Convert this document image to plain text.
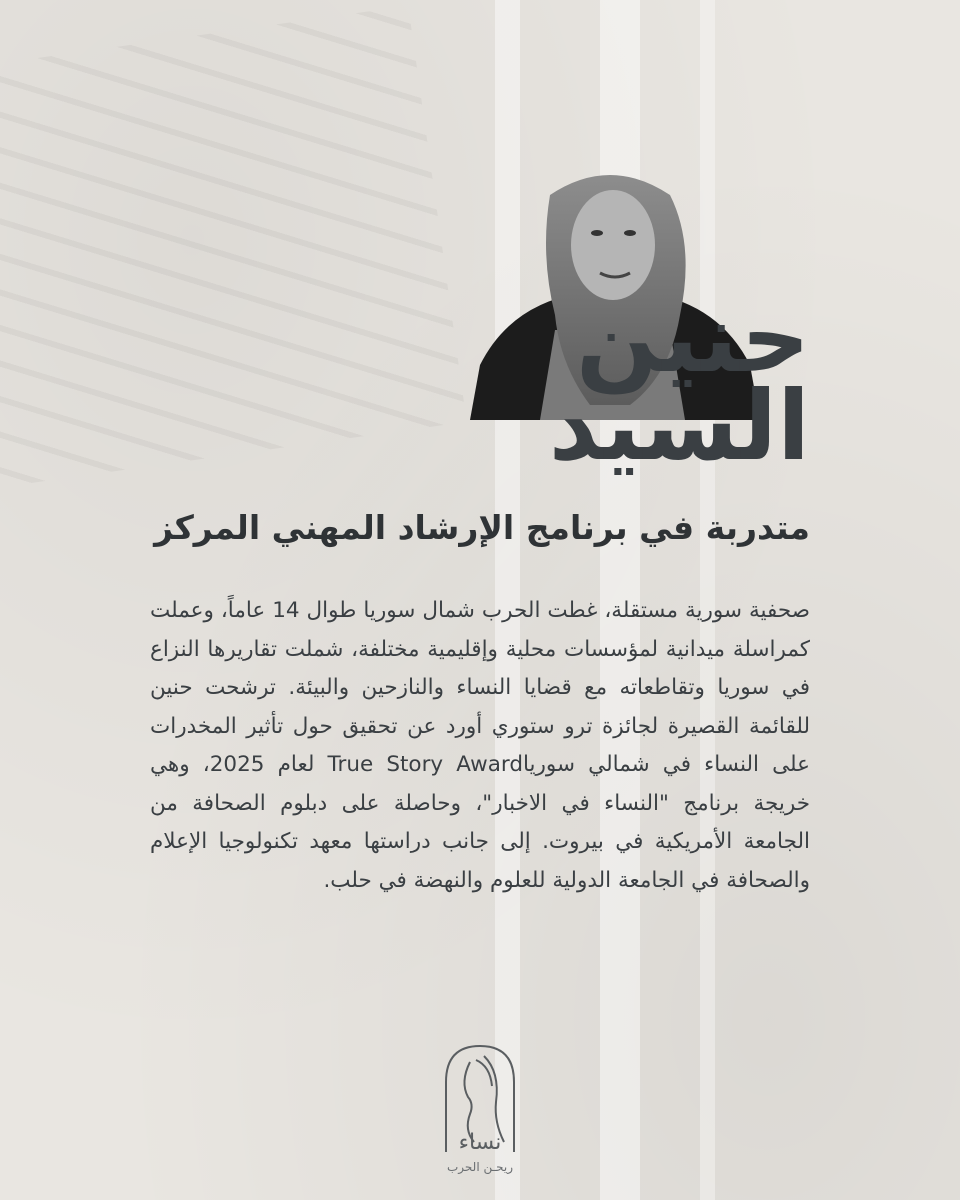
حنين
السيد
متدربة في برنامج الإرشاد المهني المركز
صحفية سورية مستقلة، غطت الحرب شمال سوريا طوال 14 عاماً، وعملت كمراسلة ميدانية لمؤسسات محلية وإقليمية مختلفة، شملت تقاريرها النزاع في سوريا وتقاطعاته مع قضايا النساء والنازحين والبيئة. ترشحت حنين للقائمة القصيرة لجائزة ترو ستوري أورد عن تحقيق حول تأثير المخدرات على النساء في شمالي سورياTrue Story Award لعام 2025، وهي خريجة برنامج "النساء في الاخبار"، وحاصلة على دبلوم الصحافة من الجامعة الأمريكية في بيروت. إلى جانب دراستها معهد تكنولوجيا الإعلام والصحافة في الجامعة الدولية للعلوم والنهضة في حلب.
نساء
ريحـن الحرب
